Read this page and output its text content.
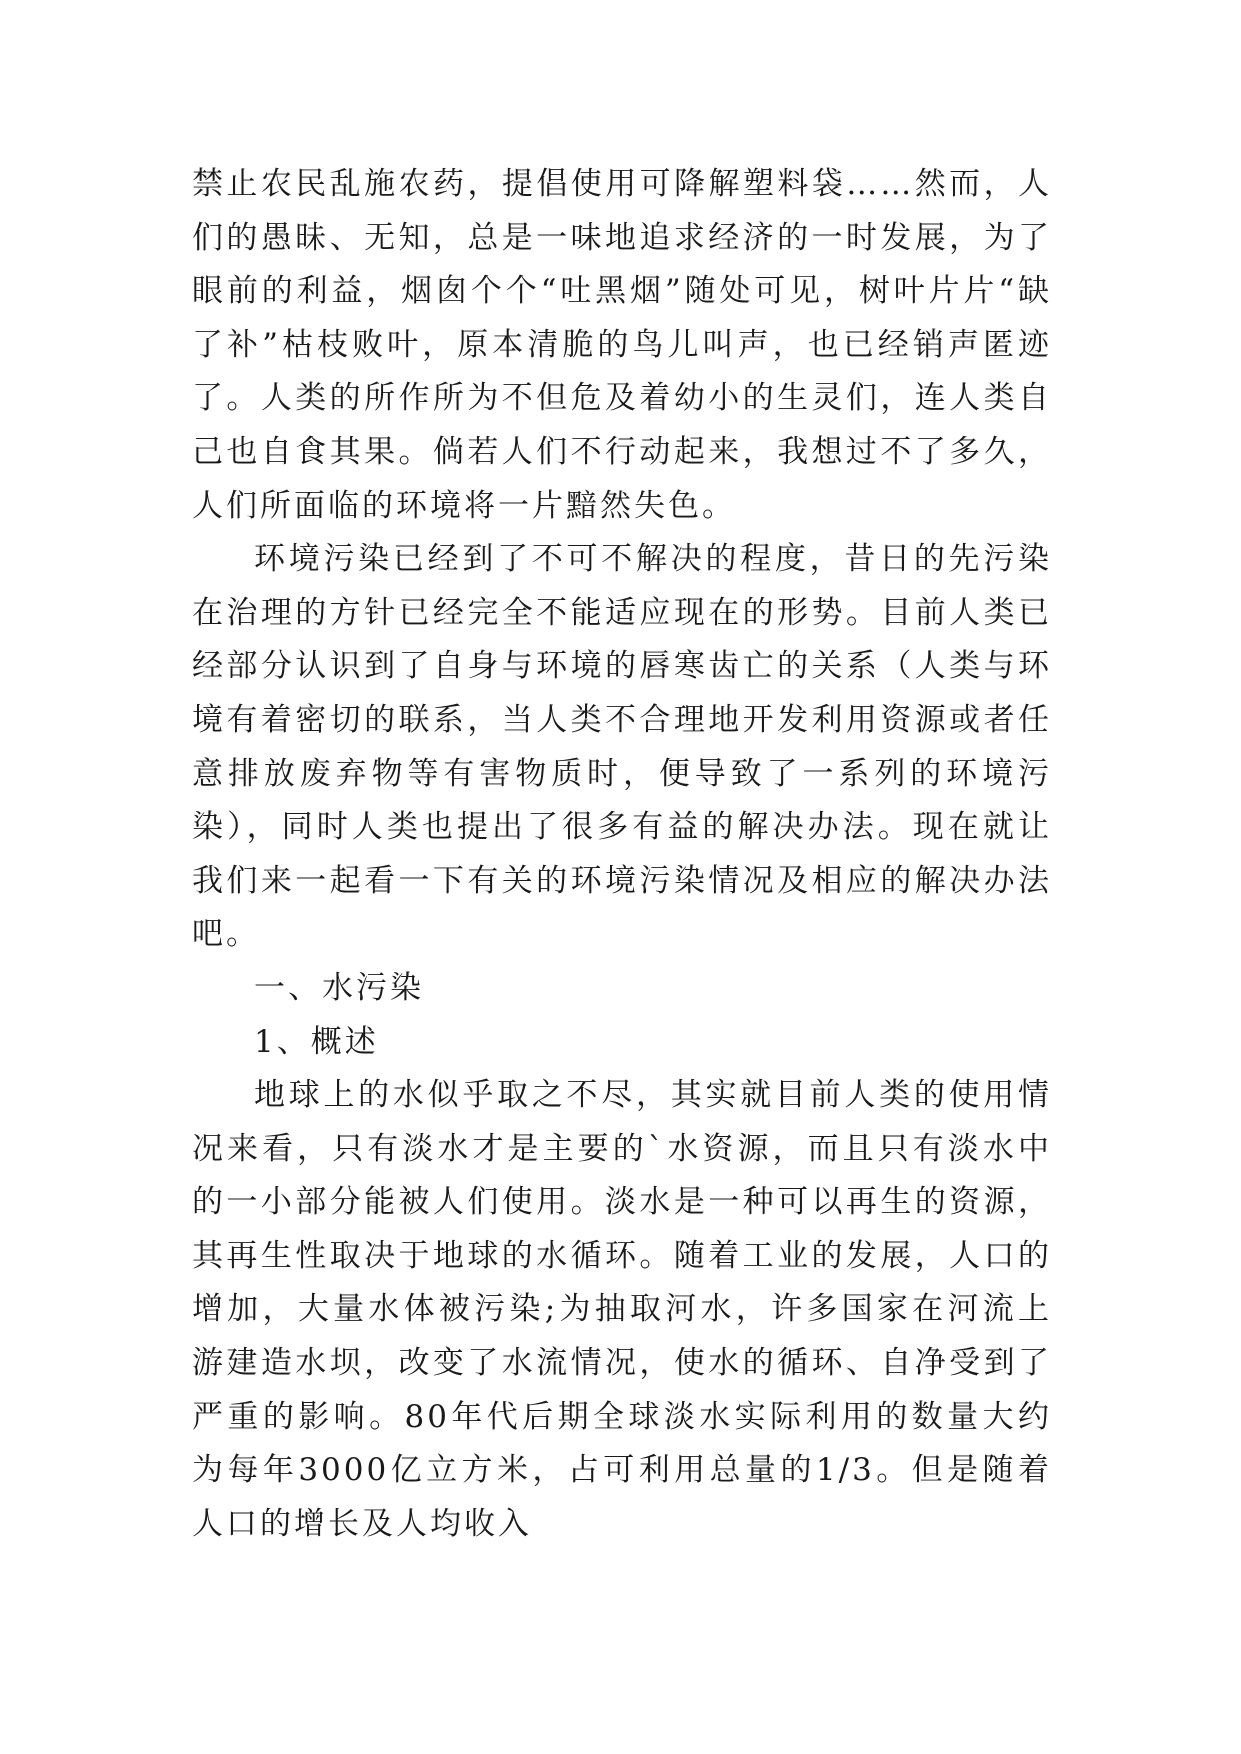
禁止农民乱施农药，提倡使用可降解塑料袋……然而，人们的愚昧、无知，总是一味地追求经济的一时发展，为了眼前的利益，烟囱个个“吐黑烟”随处可见，树叶片片“缺了补”枯枝败叶，原本清脆的鸟儿叫声，也已经销声匿迹了。人类的所作所为不但危及着幼小的生灵们，连人类自己也自食其果。倘若人们不行动起来，我想过不了多久，人们所面临的环境将一片黯然失色。

环境污染已经到了不可不解决的程度，昔日的先污染在治理的方针已经完全不能适应现在的形势。目前人类已经部分认识到了自身与环境的唇寒齿亡的关系（人类与环境有着密切的联系，当人类不合理地开发利用资源或者任意排放废弃物等有害物质时，便导致了一系列的环境污染），同时人类也提出了很多有益的解决办法。现在就让我们来一起看一下有关的环境污染情况及相应的解决办法吧。

一、水污染

1、概述

地球上的水似乎取之不尽，其实就目前人类的使用情况来看，只有淡水才是主要的`水资源，而且只有淡水中的一小部分能被人们使用。淡水是一种可以再生的资源，其再生性取决于地球的水循环。随着工业的发展，人口的增加，大量水体被污染;为抽取河水，许多国家在河流上游建造水坝，改变了水流情况，使水的循环、自净受到了严重的影响。80年代后期全球淡水实际利用的数量大约为每年3000亿立方米，占可利用总量的1/3。但是随着人口的增长及人均收入
